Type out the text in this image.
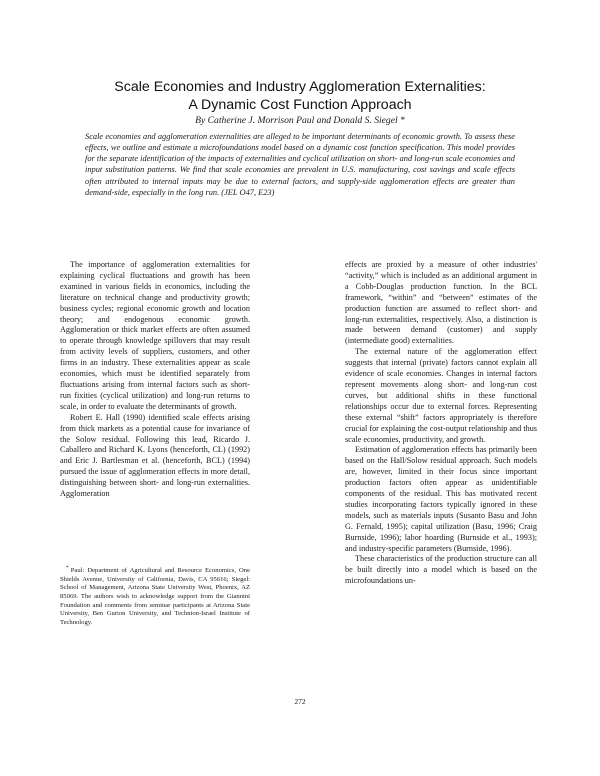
Scale Economies and Industry Agglomeration Externalities:
A Dynamic Cost Function Approach
By Catherine J. Morrison Paul and Donald S. Siegel *

Scale economies and agglomeration externalities are alleged to be important determinants of economic growth. To assess these effects, we outline and estimate a microfoundations model based on a dynamic cost function specification. This model provides for the separate identification of the impacts of externalities and cyclical utilization on short- and long-run scale economies and input substitution patterns. We find that scale economies are prevalent in U.S. manufacturing, cost savings and scale effects often attributed to internal inputs may be due to external factors, and supply-side agglomeration effects are greater than demand-side, especially in the long run. (JEL O47, E23)

The importance of agglomeration externalities for explaining cyclical fluctuations and growth has been examined in various fields in economics, including the literature on technical change and productivity growth; business cycles; regional economic growth and location theory; and endogenous economic growth. Agglomeration or thick market effects are often assumed to operate through knowledge spillovers that may result from activity levels of suppliers, customers, and other firms in an industry. These externalities appear as scale economies, which must be identified separately from fluctuations arising from internal factors such as short-run fixities (cyclical utilization) and long-run returns to scale, in order to evaluate the determinants of growth.

Robert E. Hall (1990) identified scale effects arising from thick markets as a potential cause for invariance of the Solow residual. Following this lead, Ricardo J. Caballero and Richard K. Lyons (henceforth, CL) (1992) and Eric J. Bartlesman et al. (henceforth, BCL) (1994) pursued the issue of agglomeration effects in more detail, distinguishing between short- and long-run externalities. Agglomeration

effects are proxied by a measure of other industries' “activity,” which is included as an additional argument in a Cobb-Douglas production function. In the BCL framework, “within” and “between” estimates of the production function are assumed to reflect short- and long-run externalities, respectively. Also, a distinction is made between demand (customer) and supply (intermediate good) externalities.

The external nature of the agglomeration effect suggests that internal (private) factors cannot explain all evidence of scale economies. Changes in internal factors represent movements along short- and long-run cost curves, but additional shifts in these functional relationships occur due to external forces. Representing these external “shift” factors appropriately is therefore crucial for explaining the cost-output relationship and thus scale economies, productivity, and growth.

Estimation of agglomeration effects has primarily been based on the Hall/Solow residual approach. Such models are, however, limited in their focus since important production factors often appear as unidentifiable components of the residual. This has motivated recent studies incorporating factors typically ignored in these models, such as materials inputs (Susanto Basu and John G. Fernald, 1995); capital utilization (Basu, 1996; Craig Burnside, 1996); labor hoarding (Burnside et al., 1993); and industry-specific parameters (Burnside, 1996).

These characteristics of the production structure can all be built directly into a model which is based on the microfoundations un-

* Paul: Department of Agricultural and Resource Economics, One Shields Avenue, University of California, Davis, CA 95616; Siegel: School of Management, Arizona State University West, Phoenix, AZ 85069. The authors wish to acknowledge support from the Giannini Foundation and comments from seminar participants at Arizona State University, Ben Gurion University, and Technion-Israel Institute of Technology.

272
